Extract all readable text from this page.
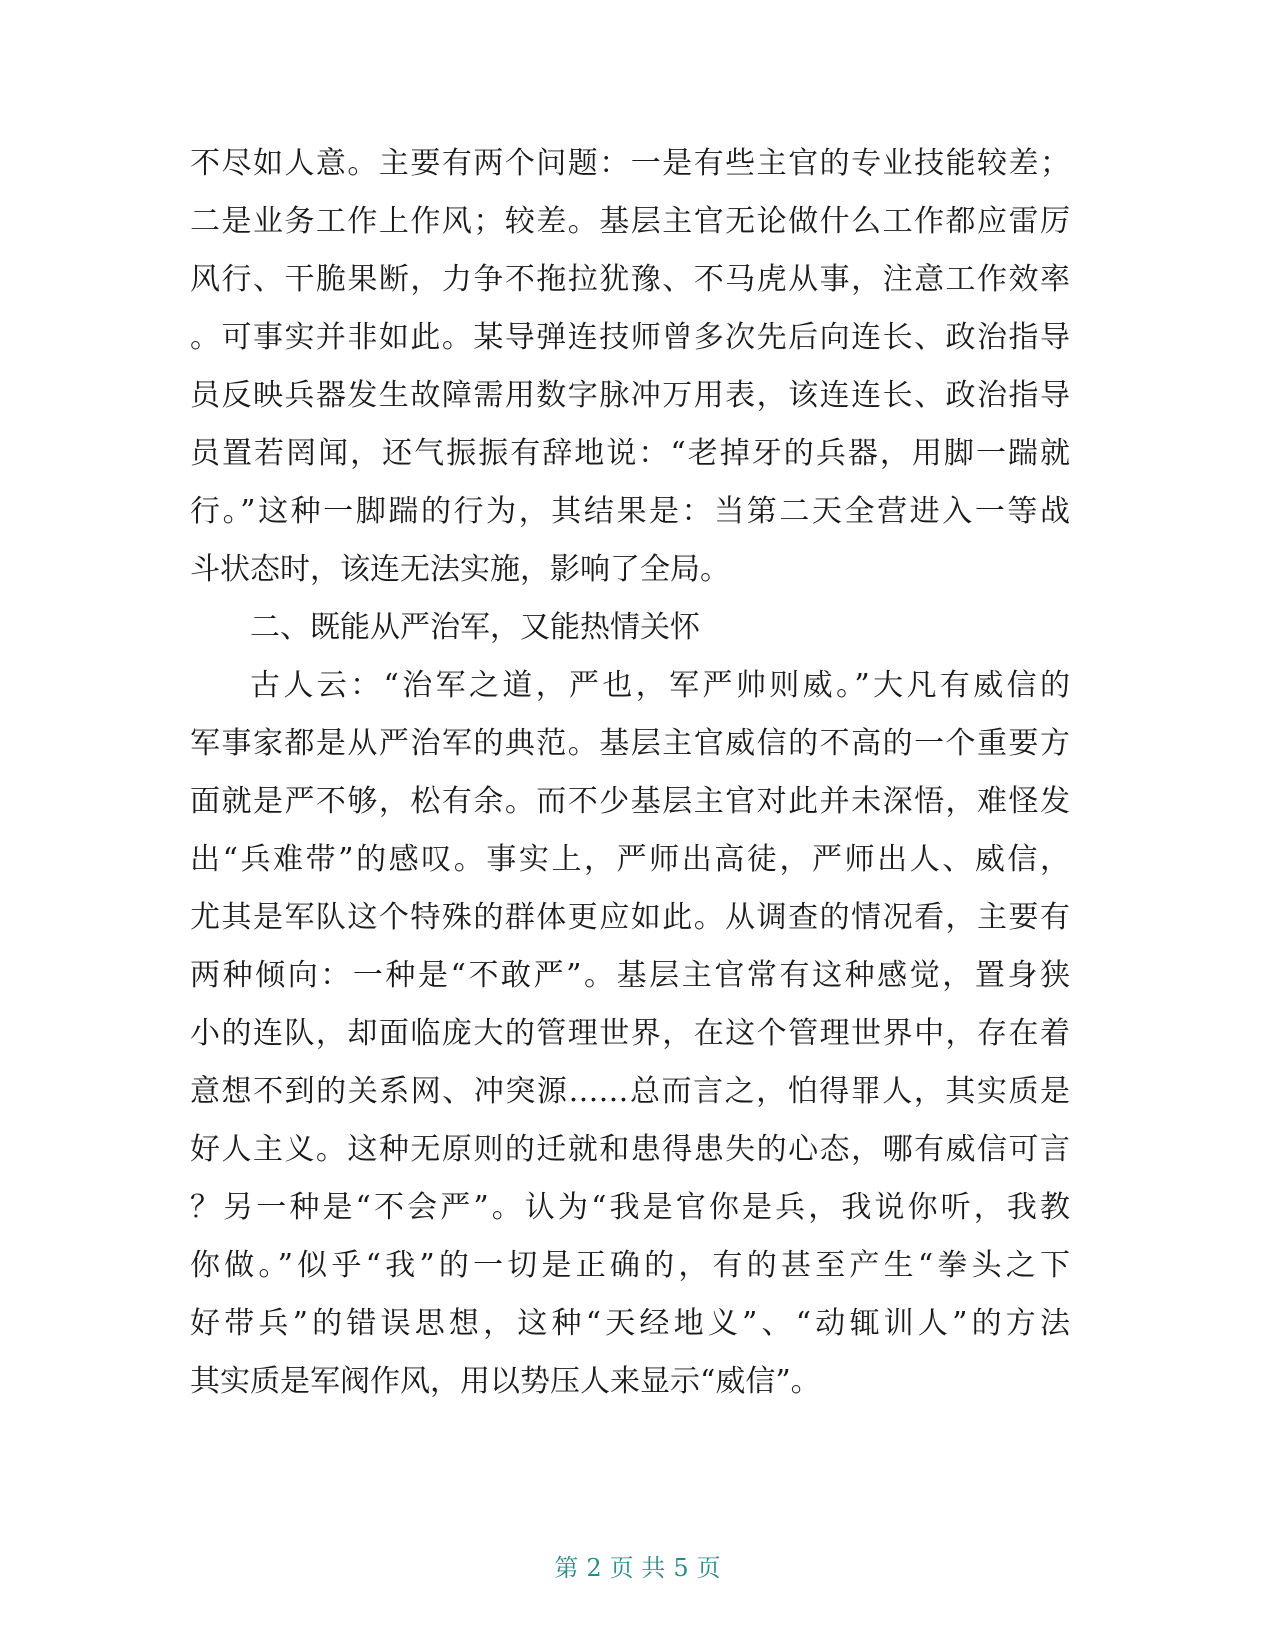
不尽如人意。主要有两个问题：一是有些主官的专业技能较差；
二是业务工作上作风；较差。基层主官无论做什么工作都应雷厉
风行、干脆果断，力争不拖拉犹豫、不马虎从事，注意工作效率
。可事实并非如此。某导弹连技师曾多次先后向连长、政治指导
员反映兵器发生故障需用数字脉冲万用表，该连连长、政治指导
员置若罔闻，还气振振有辞地说：“老掉牙的兵器，用脚一踹就
行。”这种一脚踹的行为，其结果是：当第二天全营进入一等战
斗状态时，该连无法实施，影响了全局。
二、既能从严治军，又能热情关怀
古人云：“治军之道，严也，军严帅则威。”大凡有威信的
军事家都是从严治军的典范。基层主官威信的不高的一个重要方
面就是严不够，松有余。而不少基层主官对此并未深悟，难怪发
出“兵难带”的感叹。事实上，严师出高徒，严师出人、威信，
尤其是军队这个特殊的群体更应如此。从调查的情况看，主要有
两种倾向：一种是“不敢严”。基层主官常有这种感觉，置身狭
小的连队，却面临庞大的管理世界，在这个管理世界中，存在着
意想不到的关系网、冲突源……总而言之，怕得罪人，其实质是
好人主义。这种无原则的迁就和患得患失的心态，哪有威信可言
？另一种是“不会严”。认为“我是官你是兵，我说你听，我教
你做。”似乎“我”的一切是正确的，有的甚至产生“拳头之下
好带兵”的错误思想，这种“天经地义”、“动辄训人”的方法
其实质是军阀作风，用以势压人来显示“威信”。
第 2 页 共 5 页
